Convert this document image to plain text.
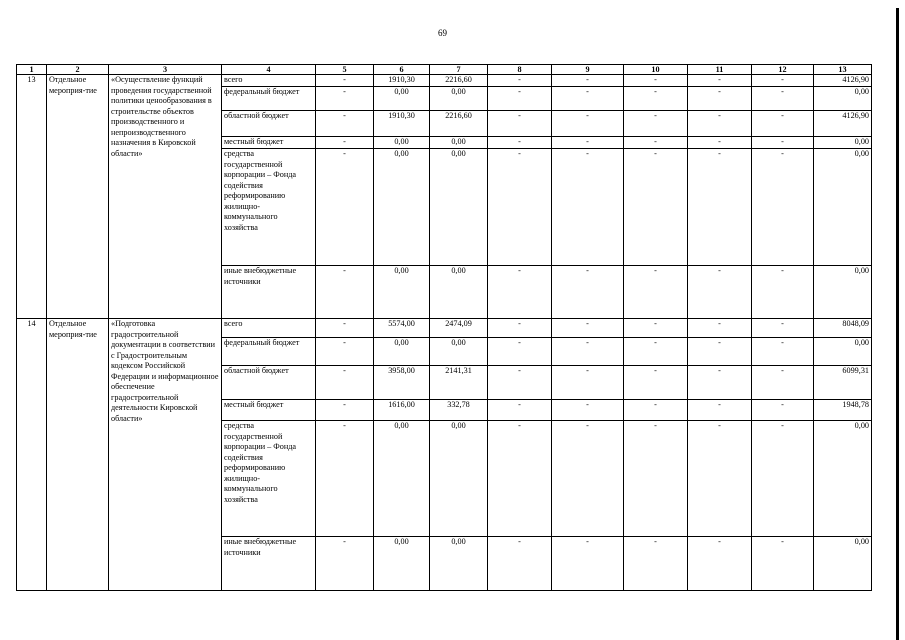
69
1	2	3	4	5	6	7	8	9	10	11	12	13
13	Отдельное мероприя-тие	«Осуществление функций проведения государственной политики ценообразования в строительстве объектов производственного и непроизводственного назначения в Кировской области»	всего	-	1910,30	2216,60	-	-	-	-	-	4126,90
			федеральный бюджет	-	0,00	0,00	-	-	-	-	-	0,00
			областной бюджет	-	1910,30	2216,60	-	-	-	-	-	4126,90
			местный бюджет	-	0,00	0,00	-	-	-	-	-	0,00
			средства государственной корпорации – Фонда содействия реформированию жилищно-коммунального хозяйства	-	0,00	0,00	-	-	-	-	-	0,00
			иные внебюджетные источники	-	0,00	0,00	-	-	-	-	-	0,00
14	Отдельное мероприя-тие	«Подготовка градостроительной документации в соответствии с Градостроительным кодексом Российской Федерации и информационное обеспечение градостроительной деятельности Кировской области»	всего	-	5574,00	2474,09	-	-	-	-	-	8048,09
			федеральный бюджет	-	0,00	0,00	-	-	-	-	-	0,00
			областной бюджет	-	3958,00	2141,31	-	-	-	-	-	6099,31
			местный бюджет	-	1616,00	332,78	-	-	-	-	-	1948,78
			средства государственной корпорации – Фонда содействия реформированию жилищно-коммунального хозяйства	-	0,00	0,00	-	-	-	-	-	0,00
			иные внебюджетные источники	-	0,00	0,00	-	-	-	-	-	0,00
